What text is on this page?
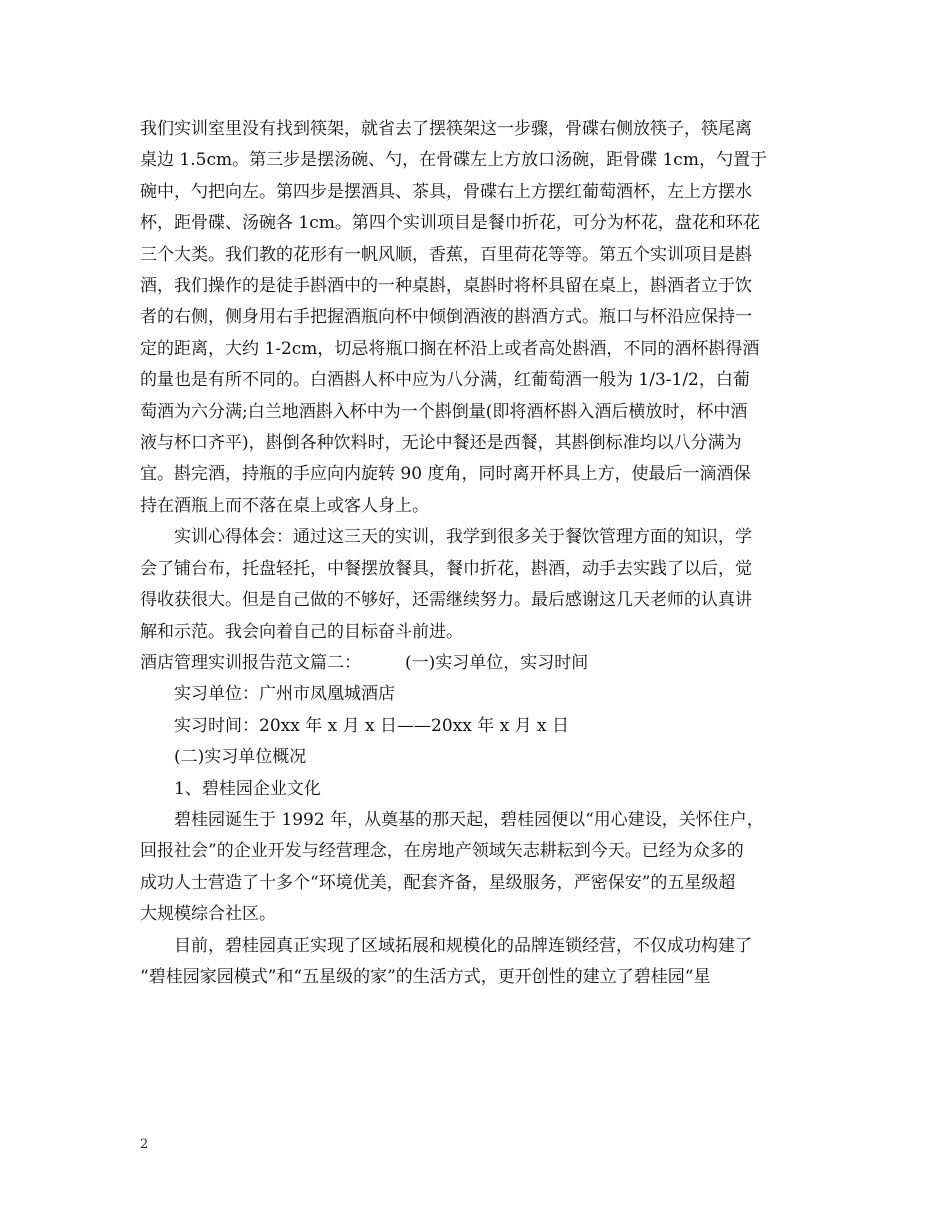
我们实训室里没有找到筷架，就省去了摆筷架这一步骤，骨碟右侧放筷子，筷尾离
桌边 1.5cm。第三步是摆汤碗、勺，在骨碟左上方放口汤碗，距骨碟 1cm，勺置于
碗中，勺把向左。第四步是摆酒具、茶具，骨碟右上方摆红葡萄酒杯，左上方摆水
杯，距骨碟、汤碗各 1cm。第四个实训项目是餐巾折花，可分为杯花，盘花和环花
三个大类。我们教的花形有一帆风顺，香蕉，百里荷花等等。第五个实训项目是斟
酒，我们操作的是徒手斟酒中的一种桌斟，桌斟时将杯具留在桌上，斟酒者立于饮
者的右侧，侧身用右手把握酒瓶向杯中倾倒酒液的斟酒方式。瓶口与杯沿应保持一
定的距离，大约 1-2cm，切忌将瓶口搁在杯沿上或者高处斟酒，不同的酒杯斟得酒
的量也是有所不同的。白酒斟人杯中应为八分满，红葡萄酒一般为 1/3-1/2，白葡
萄酒为六分满;白兰地酒斟入杯中为一个斟倒量(即将酒杯斟入酒后横放时，杯中酒
液与杯口齐平)，斟倒各种饮料时，无论中餐还是西餐，其斟倒标准均以八分满为
宜。斟完酒，持瓶的手应向内旋转 90 度角，同时离开杯具上方，使最后一滴酒保
持在酒瓶上而不落在桌上或客人身上。

实训心得体会：通过这三天的实训，我学到很多关于餐饮管理方面的知识，学
会了铺台布，托盘轻托，中餐摆放餐具，餐巾折花，斟酒，动手去实践了以后，觉
得收获很大。但是自己做的不够好，还需继续努力。最后感谢这几天老师的认真讲
解和示范。我会向着自己的目标奋斗前进。

酒店管理实训报告范文篇二：	(一)实习单位，实习时间

实习单位：广州市凤凰城酒店

实习时间：20xx 年 x 月 x 日——20xx 年 x 月 x 日

(二)实习单位概况

1、碧桂园企业文化

碧桂园诞生于 1992 年，从奠基的那天起，碧桂园便以“用心建设，关怀住户，
回报社会”的企业开发与经营理念，在房地产领域矢志耕耘到今天。已经为众多的
成功人士营造了十多个“环境优美，配套齐备，星级服务，严密保安”的五星级超
大规模综合社区。

目前，碧桂园真正实现了区域拓展和规模化的品牌连锁经营，不仅成功构建了
“碧桂园家园模式”和“五星级的家”的生活方式，更开创性的建立了碧桂园“星

2
